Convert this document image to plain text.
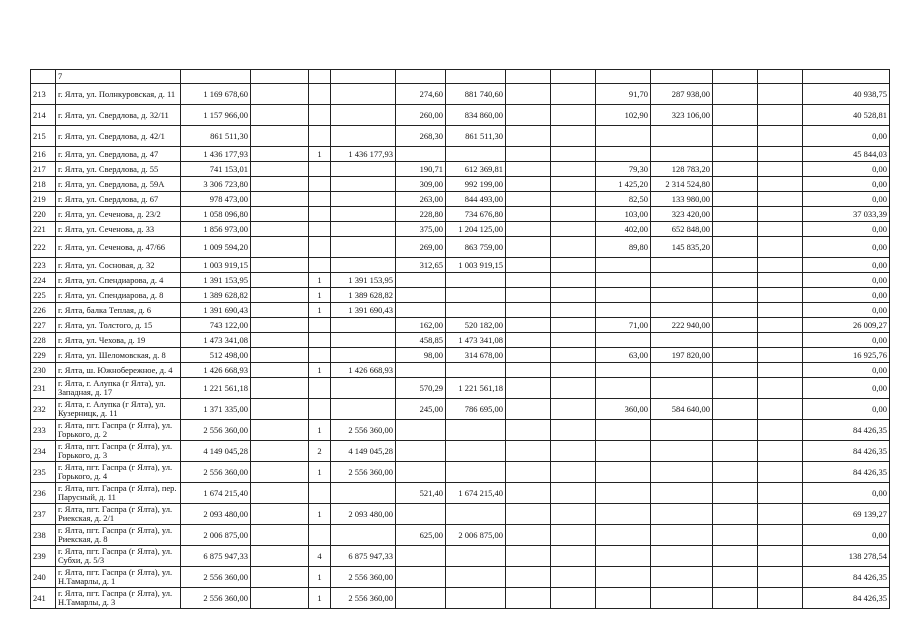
	7													
213	г. Ялта, ул. Полнкуровская, д. 11	1 169 678,60				274,60	881 740,60			91,70	287 938,00			40 938,75
214	г. Ялта, ул. Свердлова, д. 32/11	1 157 966,00				260,00	834 860,00			102,90	323 106,00			40 528,81
215	г. Ялта, ул. Свердлова, д. 42/1	861 511,30				268,30	861 511,30							0,00
216	г. Ялта, ул. Свердлова, д. 47	1 436 177,93		1	1 436 177,93									45 844,03
217	г. Ялта, ул. Свердлова, д. 55	741 153,01				190,71	612 369,81			79,30	128 783,20			0,00
218	г. Ялта, ул. Свердлова, д. 59А	3 306 723,80				309,00	992 199,00			1 425,20	2 314 524,80			0,00
219	г. Ялта, ул. Свердлова, д. 67	978 473,00				263,00	844 493,00			82,50	133 980,00			0,00
220	г. Ялта, ул. Сеченова, д. 23/2	1 058 096,80				228,80	734 676,80			103,00	323 420,00			37 033,39
221	г. Ялта, ул. Сеченова, д. 33	1 856 973,00				375,00	1 204 125,00			402,00	652 848,00			0,00
222	г. Ялта, ул. Сеченова, д. 47/66	1 009 594,20				269,00	863 759,00			89,80	145 835,20			0,00
223	г. Ялта, ул. Сосновая, д. 32	1 003 919,15				312,65	1 003 919,15							0,00
224	г. Ялта, ул. Спендиарова, д. 4	1 391 153,95		1	1 391 153,95									0,00
225	г. Ялта, ул. Спендиарова, д. 8	1 389 628,82		1	1 389 628,82									0,00
226	г. Ялта, балка Теплая, д. 6	1 391 690,43		1	1 391 690,43									0,00
227	г. Ялта, ул. Толстого, д. 15	743 122,00				162,00	520 182,00			71,00	222 940,00			26 009,27
228	г. Ялта, ул. Чехова, д. 19	1 473 341,08				458,85	1 473 341,08							0,00
229	г. Ялта, ул. Шеломовская, д. 8	512 498,00				98,00	314 678,00			63,00	197 820,00			16 925,76
230	г. Ялта, ш. Южнобережное, д. 4	1 426 668,93		1	1 426 668,93									0,00
231	г. Ялта, г. Алупка (г Ялта), ул. Западная, д. 17	1 221 561,18				570,29	1 221 561,18							0,00
232	г. Ялта, г. Алупка (г Ялта), ул. Кузерницк, д. 11	1 371 335,00				245,00	786 695,00			360,00	584 640,00			0,00
233	г. Ялта, пгт. Гаспра (г Ялта), ул. Горького, д. 2	2 556 360,00		1	2 556 360,00									84 426,35
234	г. Ялта, пгт. Гаспра (г Ялта), ул. Горького, д. 3	4 149 045,28		2	4 149 045,28									84 426,35
235	г. Ялта, пгт. Гаспра (г Ялта), ул. Горького, д. 4	2 556 360,00		1	2 556 360,00									84 426,35
236	г. Ялта, пгт. Гаспра (г Ялта), пер. Парусный, д. 11	1 674 215,40				521,40	1 674 215,40							0,00
237	г. Ялта, пгт. Гаспра (г Ялта), ул. Риекская, д. 2/1	2 093 480,00		1	2 093 480,00									69 139,27
238	г. Ялта, пгт. Гаспра (г Ялта), ул. Риекская, д. 8	2 006 875,00				625,00	2 006 875,00							0,00
239	г. Ялта, пгт. Гаспра (г Ялта), ул. Субхи, д. 5/3	6 875 947,33		4	6 875 947,33									138 278,54
240	г. Ялта, пгт. Гаспра (г Ялта), ул. Н.Тамарлы, д. 1	2 556 360,00		1	2 556 360,00									84 426,35
241	г. Ялта, пгт. Гаспра (г Ялта), ул. Н.Тамарлы, д. 3	2 556 360,00		1	2 556 360,00									84 426,35
